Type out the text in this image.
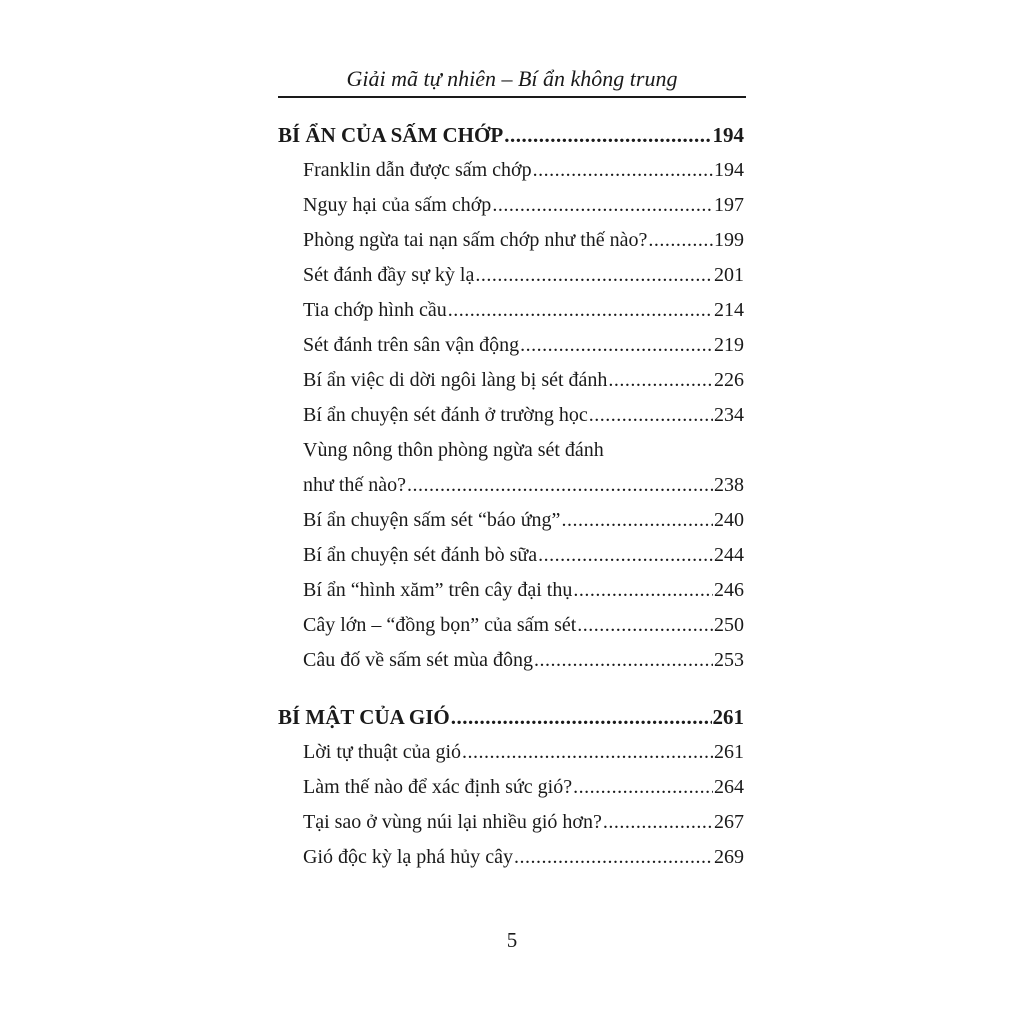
Giải mã tự nhiên – Bí ẩn không trung
BÍ ẨN CỦA SẤM CHỚP .....	194
Franklin dẫn được sấm chớp .....	194
Nguy hại của sấm chớp .....	197
Phòng ngừa tai nạn sấm chớp như thế nào? .....	199
Sét đánh đầy sự kỳ lạ .....	201
Tia chớp hình cầu .....	214
Sét đánh trên sân vận động .....	219
Bí ẩn việc di dời ngôi làng bị sét đánh .....	226
Bí ẩn chuyện sét đánh ở trường học .....	234
Vùng nông thôn phòng ngừa sét đánh
như thế nào? .....	238
Bí ẩn chuyện sấm sét “báo ứng” .....	240
Bí ẩn chuyện sét đánh bò sữa .....	244
Bí ẩn “hình xăm” trên cây đại thụ .....	246
Cây lớn – “đồng bọn” của sấm sét .....	250
Câu đố về sấm sét mùa đông .....	253
BÍ MẬT CỦA GIÓ .....	261
Lời tự thuật của gió .....	261
Làm thế nào để xác định sức gió? .....	264
Tại sao ở vùng núi lại nhiều gió hơn? .....	267
Gió độc kỳ lạ phá hủy cây .....	269
5
